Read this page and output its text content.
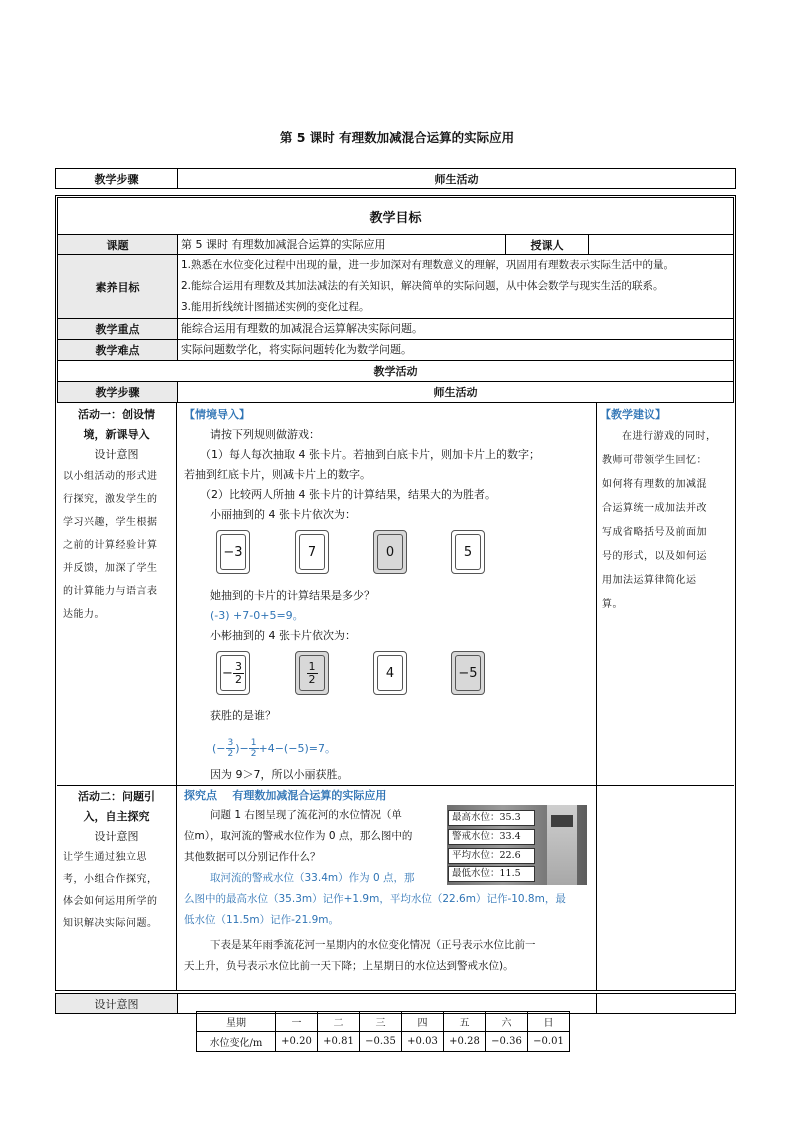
第 5 课时 有理数加减混合运算的实际应用
教学步骤	师生活动
教学目标			
课题	第 5 课时 有理数加减混合运算的实际应用	授课人	
素养目标	1.熟悉在水位变化过程中出现的量，进一步加深对有理数意义的理解，巩固用有理数表示实际生活中的量。
2.能综合运用有理数及其加法减法的有关知识，解决简单的实际问题，从中体会数学与现实生活的联系。
3.能用折线统计图描述实例的变化过程。		

教学重点	能综合运用有理数的加减混合运算解决实际问题。		
教学难点	实际问题数学化，将实际问题转化为数学问题。		
教学活动			
教学步骤	师生活动		
活动一：创设情
境，新课导入
设计意图
以小组活动的形式进
行探究，激发学生的
学习兴趣，学生根据
之前的计算经验计算
并反馈，加深了学生
的计算能力与语言表
达能力。
【情境导入】
请按下列规则做游戏：
（1）每人每次抽取 4 张卡片。若抽到白底卡片，则加卡片上的数字；
若抽到红底卡片，则减卡片上的数字。
（2）比较两人所抽 4 张卡片的计算结果，结果大的为胜者。
小丽抽到的 4 张卡片依次为：
−3	7	0	5
她抽到的卡片的计算结果是多少？
(-3) +7-0+5=9。
小彬抽到的 4 张卡片依次为：
− $\frac{3}{2}$	$\frac{1}{2}$	4	−5
获胜的是谁？
(− $\frac{3}{2}$ )− $\frac{1}{2} +4-(-5)=7$。
因为 9＞7，所以小丽获胜。
【教学建议】
在进行游戏的同时，
教师可带领学生回忆：
如何将有理数的加减混
合运算统一成加法并改
写成省略括号及前面加
号的形式，以及如何运
用加法运算律简化运
算。
活动二：问题引
入，自主探究
设计意图
让学生通过独立思
考，小组合作探究，
体会如何运用所学的
知识解决实际问题。
探究点 有理数加减混合运算的实际应用
问题 1 右图呈现了流花河的水位情况（单
位m），取河流的警戒水位作为 0 点，那么图中的
其他数据可以分别记作什么？
取河流的警戒水位（33.4m）作为 0 点，那
么图中的最高水位（35.3m）记作+1.9m，平均水位（22.6m）记作-10.8m，最
低水位（11.5m）记作-21.9m。
下表是某年雨季流花河一星期内的水位变化情况（正号表示水位比前一
天上升，负号表示水位比前一天下降；上星期日的水位达到警戒水位)。
最高水位：35.3
警戒水位：33.4
平均水位：22.6
最低水位：11.5
设计意图		
星期	一	二	三	四	五	六	日
水位变化/m	+0.20	+0.81	−0.35	+0.03	+0.28	−0.36	−0.01
